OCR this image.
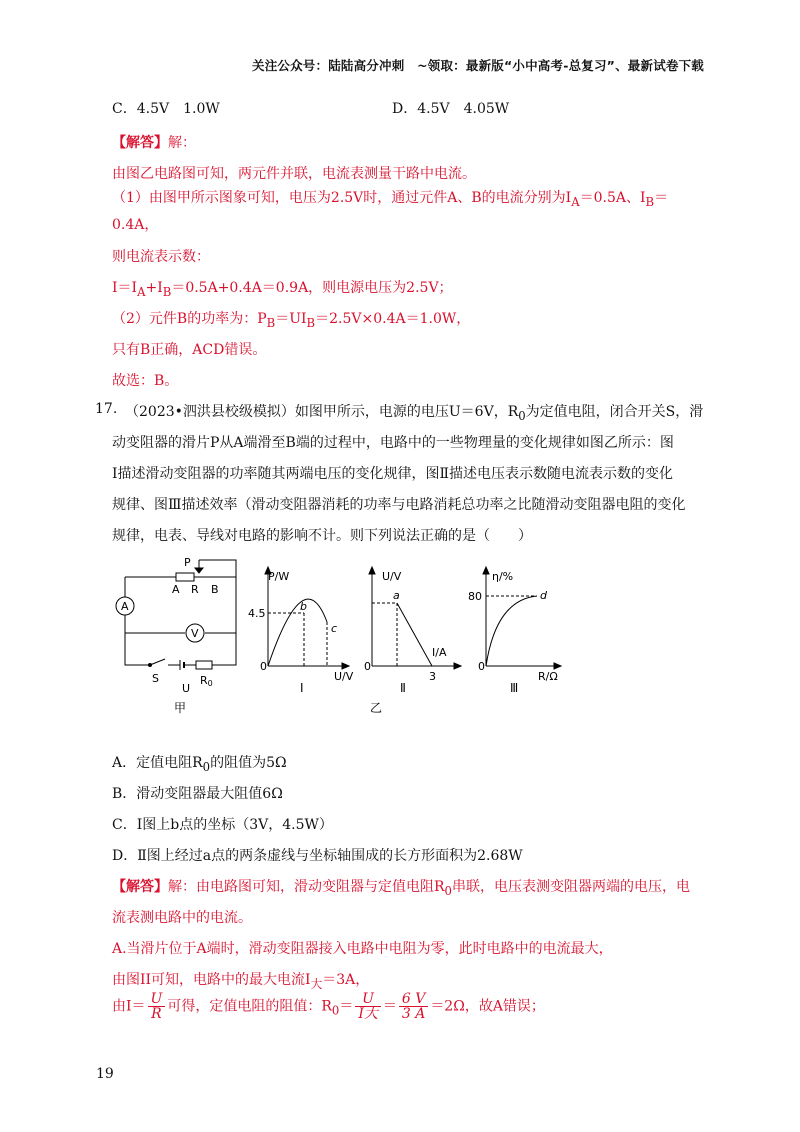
关注公众号：陆陆高分冲刺　~领取：最新版“小中高考-总复习”、最新试卷下载
C．4.5V　1.0W	D．4.5V　4.05W
【解答】解：
由图乙电路图可知，两元件并联，电流表测量干路中电流。
（1）由图甲所示图象可知，电压为2.5V时，通过元件A、B的电流分别为$I_A=0.5A$、$I_B=$
0.4A，
则电流表示数：
$I=I_A+I_B=0.5A+0.4A=0.9A$，则电源电压为2.5V；
（2）元件B的功率为：$P_B=UI_B=2.5V\times 0.4A=1.0W$，
只有B正确，ACD错误。
故选：B。
17. （2023•泗洪县校级模拟）如图甲所示，电源的电压U＝6V，$R_0$为定值电阻，闭合开关S，滑
动变阻器的滑片P从A端滑至B端的过程中，电路中的一些物理量的变化规律如图乙所示：图
Ⅰ描述滑动变阻器的功率随其两端电压的变化规律，图Ⅱ描述电压表示数随电流表示数的变化
规律、图Ⅲ描述效率（滑动变阻器消耗的功率与电路消耗总功率之比随滑动变阻器电阻的变化
规律，电表、导线对电路的影响不计。则下列说法正确的是（　　）
P
A R B
A
V
S
U
R0
甲
P/W
U/V
4.5
0
b
c
Ⅰ
U/V
I/A
0
a
3
Ⅱ
乙
η/%
R/Ω
0
80	d
Ⅲ
A．定值电阻$R_0$的阻值为5Ω
B．滑动变阻器最大阻值6Ω
C．Ⅰ图上b点的坐标（3V，4.5W）
D．Ⅱ图上经过a点的两条虚线与坐标轴围成的长方形面积为2.68W
【解答】解：由电路图可知，滑动变阻器与定值电阻$R_0$串联，电压表测变阻器两端的电压，电
流表测电路中的电流。
A.当滑片位于A端时，滑动变阻器接入电路中电阻为零，此时电路中的电流最大，
由图II可知，电路中的最大电流$I_大=3A$，
由$I= \frac{U}{R}$ 可得，定值电阻的阻值：$R_0= \frac{U}{\text{I大}} = \frac{6 V}{3 A} =2\Omega$，故A错误；
19
